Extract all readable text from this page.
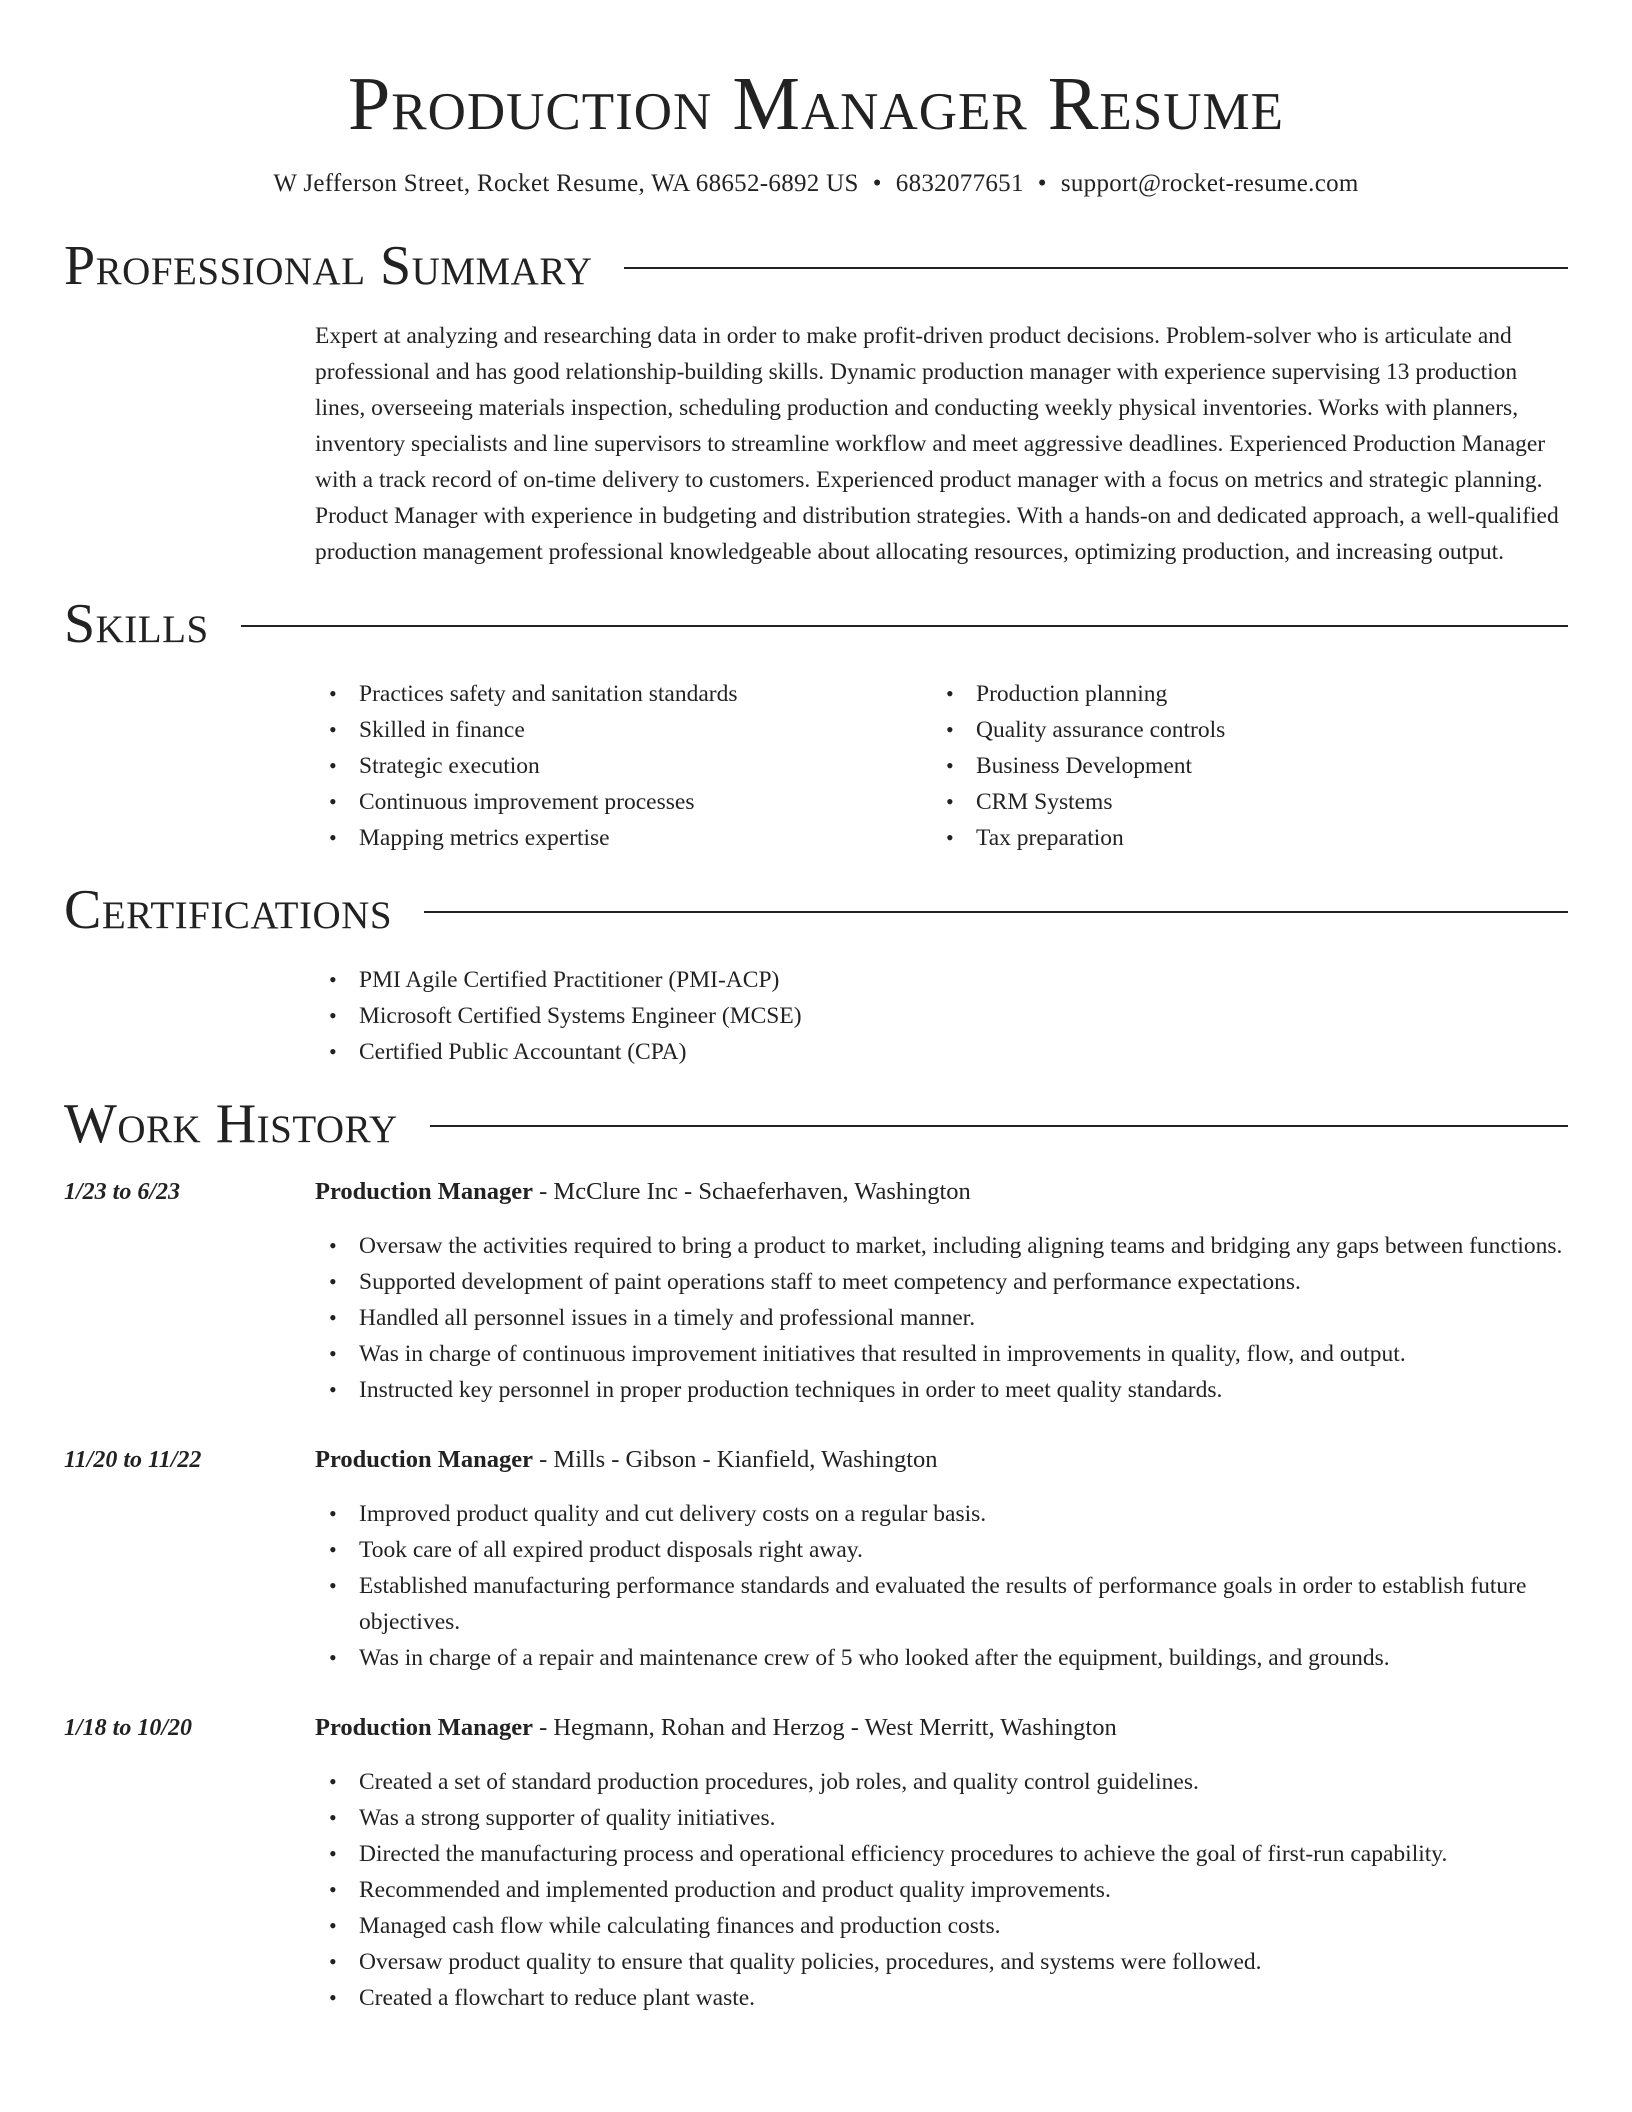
Production Manager Resume
W Jefferson Street, Rocket Resume, WA 68652-6892 US • 6832077651 • support@rocket-resume.com
Professional Summary

Expert at analyzing and researching data in order to make profit-driven product decisions. Problem-solver who is articulate and professional and has good relationship-building skills. Dynamic production manager with experience supervising 13 production lines, overseeing materials inspection, scheduling production and conducting weekly physical inventories. Works with planners, inventory specialists and line supervisors to streamline workflow and meet aggressive deadlines. Experienced Production Manager with a track record of on-time delivery to customers. Experienced product manager with a focus on metrics and strategic planning. Product Manager with experience in budgeting and distribution strategies. With a hands-on and dedicated approach, a well-qualified production management professional knowledgeable about allocating resources, optimizing production, and increasing output.

Skills
• Practices safety and sanitation standards
• Skilled in finance
• Strategic execution
• Continuous improvement processes
• Mapping metrics expertise
• Production planning
• Quality assurance controls
• Business Development
• CRM Systems
• Tax preparation
Certifications
• PMI Agile Certified Practitioner (PMI-ACP)
• Microsoft Certified Systems Engineer (MCSE)
• Certified Public Accountant (CPA)
Work History
1/23 to 6/23	Production Manager - McClure Inc - Schaeferhaven, Washington
• Oversaw the activities required to bring a product to market, including aligning teams and bridging any gaps between functions.
• Supported development of paint operations staff to meet competency and performance expectations.
• Handled all personnel issues in a timely and professional manner.
• Was in charge of continuous improvement initiatives that resulted in improvements in quality, flow, and output.
• Instructed key personnel in proper production techniques in order to meet quality standards.
11/20 to 11/22	Production Manager - Mills - Gibson - Kianfield, Washington
• Improved product quality and cut delivery costs on a regular basis.
• Took care of all expired product disposals right away.
• Established manufacturing performance standards and evaluated the results of performance goals in order to establish future objectives.
• Was in charge of a repair and maintenance crew of 5 who looked after the equipment, buildings, and grounds.
1/18 to 10/20	Production Manager - Hegmann, Rohan and Herzog - West Merritt, Washington
• Created a set of standard production procedures, job roles, and quality control guidelines.
• Was a strong supporter of quality initiatives.
• Directed the manufacturing process and operational efficiency procedures to achieve the goal of first-run capability.
• Recommended and implemented production and product quality improvements.
• Managed cash flow while calculating finances and production costs.
• Oversaw product quality to ensure that quality policies, procedures, and systems were followed.
• Created a flowchart to reduce plant waste.
